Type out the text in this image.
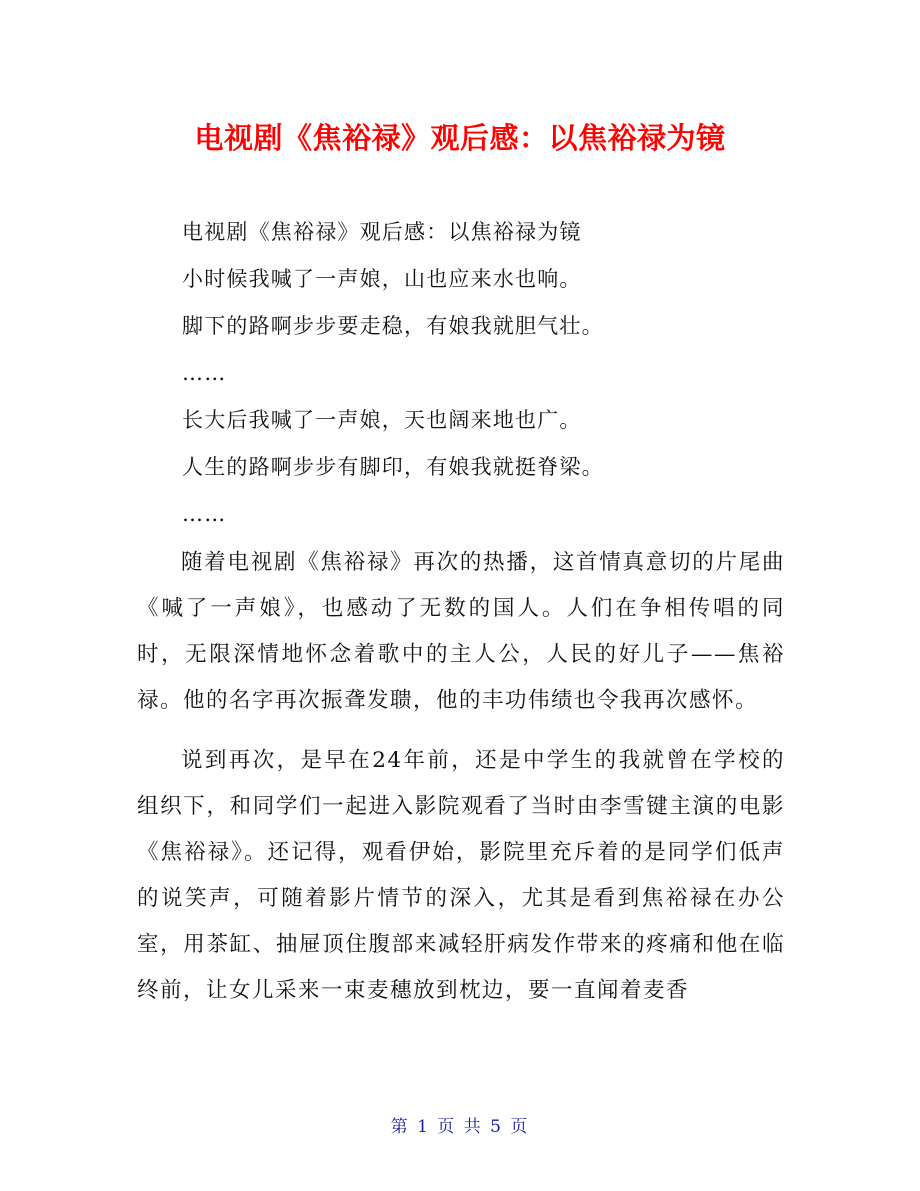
电视剧《焦裕禄》观后感：以焦裕禄为镜
电视剧《焦裕禄》观后感：以焦裕禄为镜
小时候我喊了一声娘，山也应来水也响。
脚下的路啊步步要走稳，有娘我就胆气壮。
……
长大后我喊了一声娘，天也阔来地也广。
人生的路啊步步有脚印，有娘我就挺脊梁。
……

随着电视剧《焦裕禄》再次的热播，这首情真意切的片尾曲《喊了一声娘》，也感动了无数的国人。人们在争相传唱的同时，无限深情地怀念着歌中的主人公，人民的好儿子——焦裕禄。他的名字再次振聋发聩，他的丰功伟绩也令我再次感怀。

说到再次，是早在24年前，还是中学生的我就曾在学校的组织下，和同学们一起进入影院观看了当时由李雪键主演的电影《焦裕禄》。还记得，观看伊始，影院里充斥着的是同学们低声的说笑声，可随着影片情节的深入，尤其是看到焦裕禄在办公室，用茶缸、抽屉顶住腹部来减轻肝病发作带来的疼痛和他在临终前，让女儿采来一束麦穗放到枕边，要一直闻着麦香

第 1 页 共 5 页
